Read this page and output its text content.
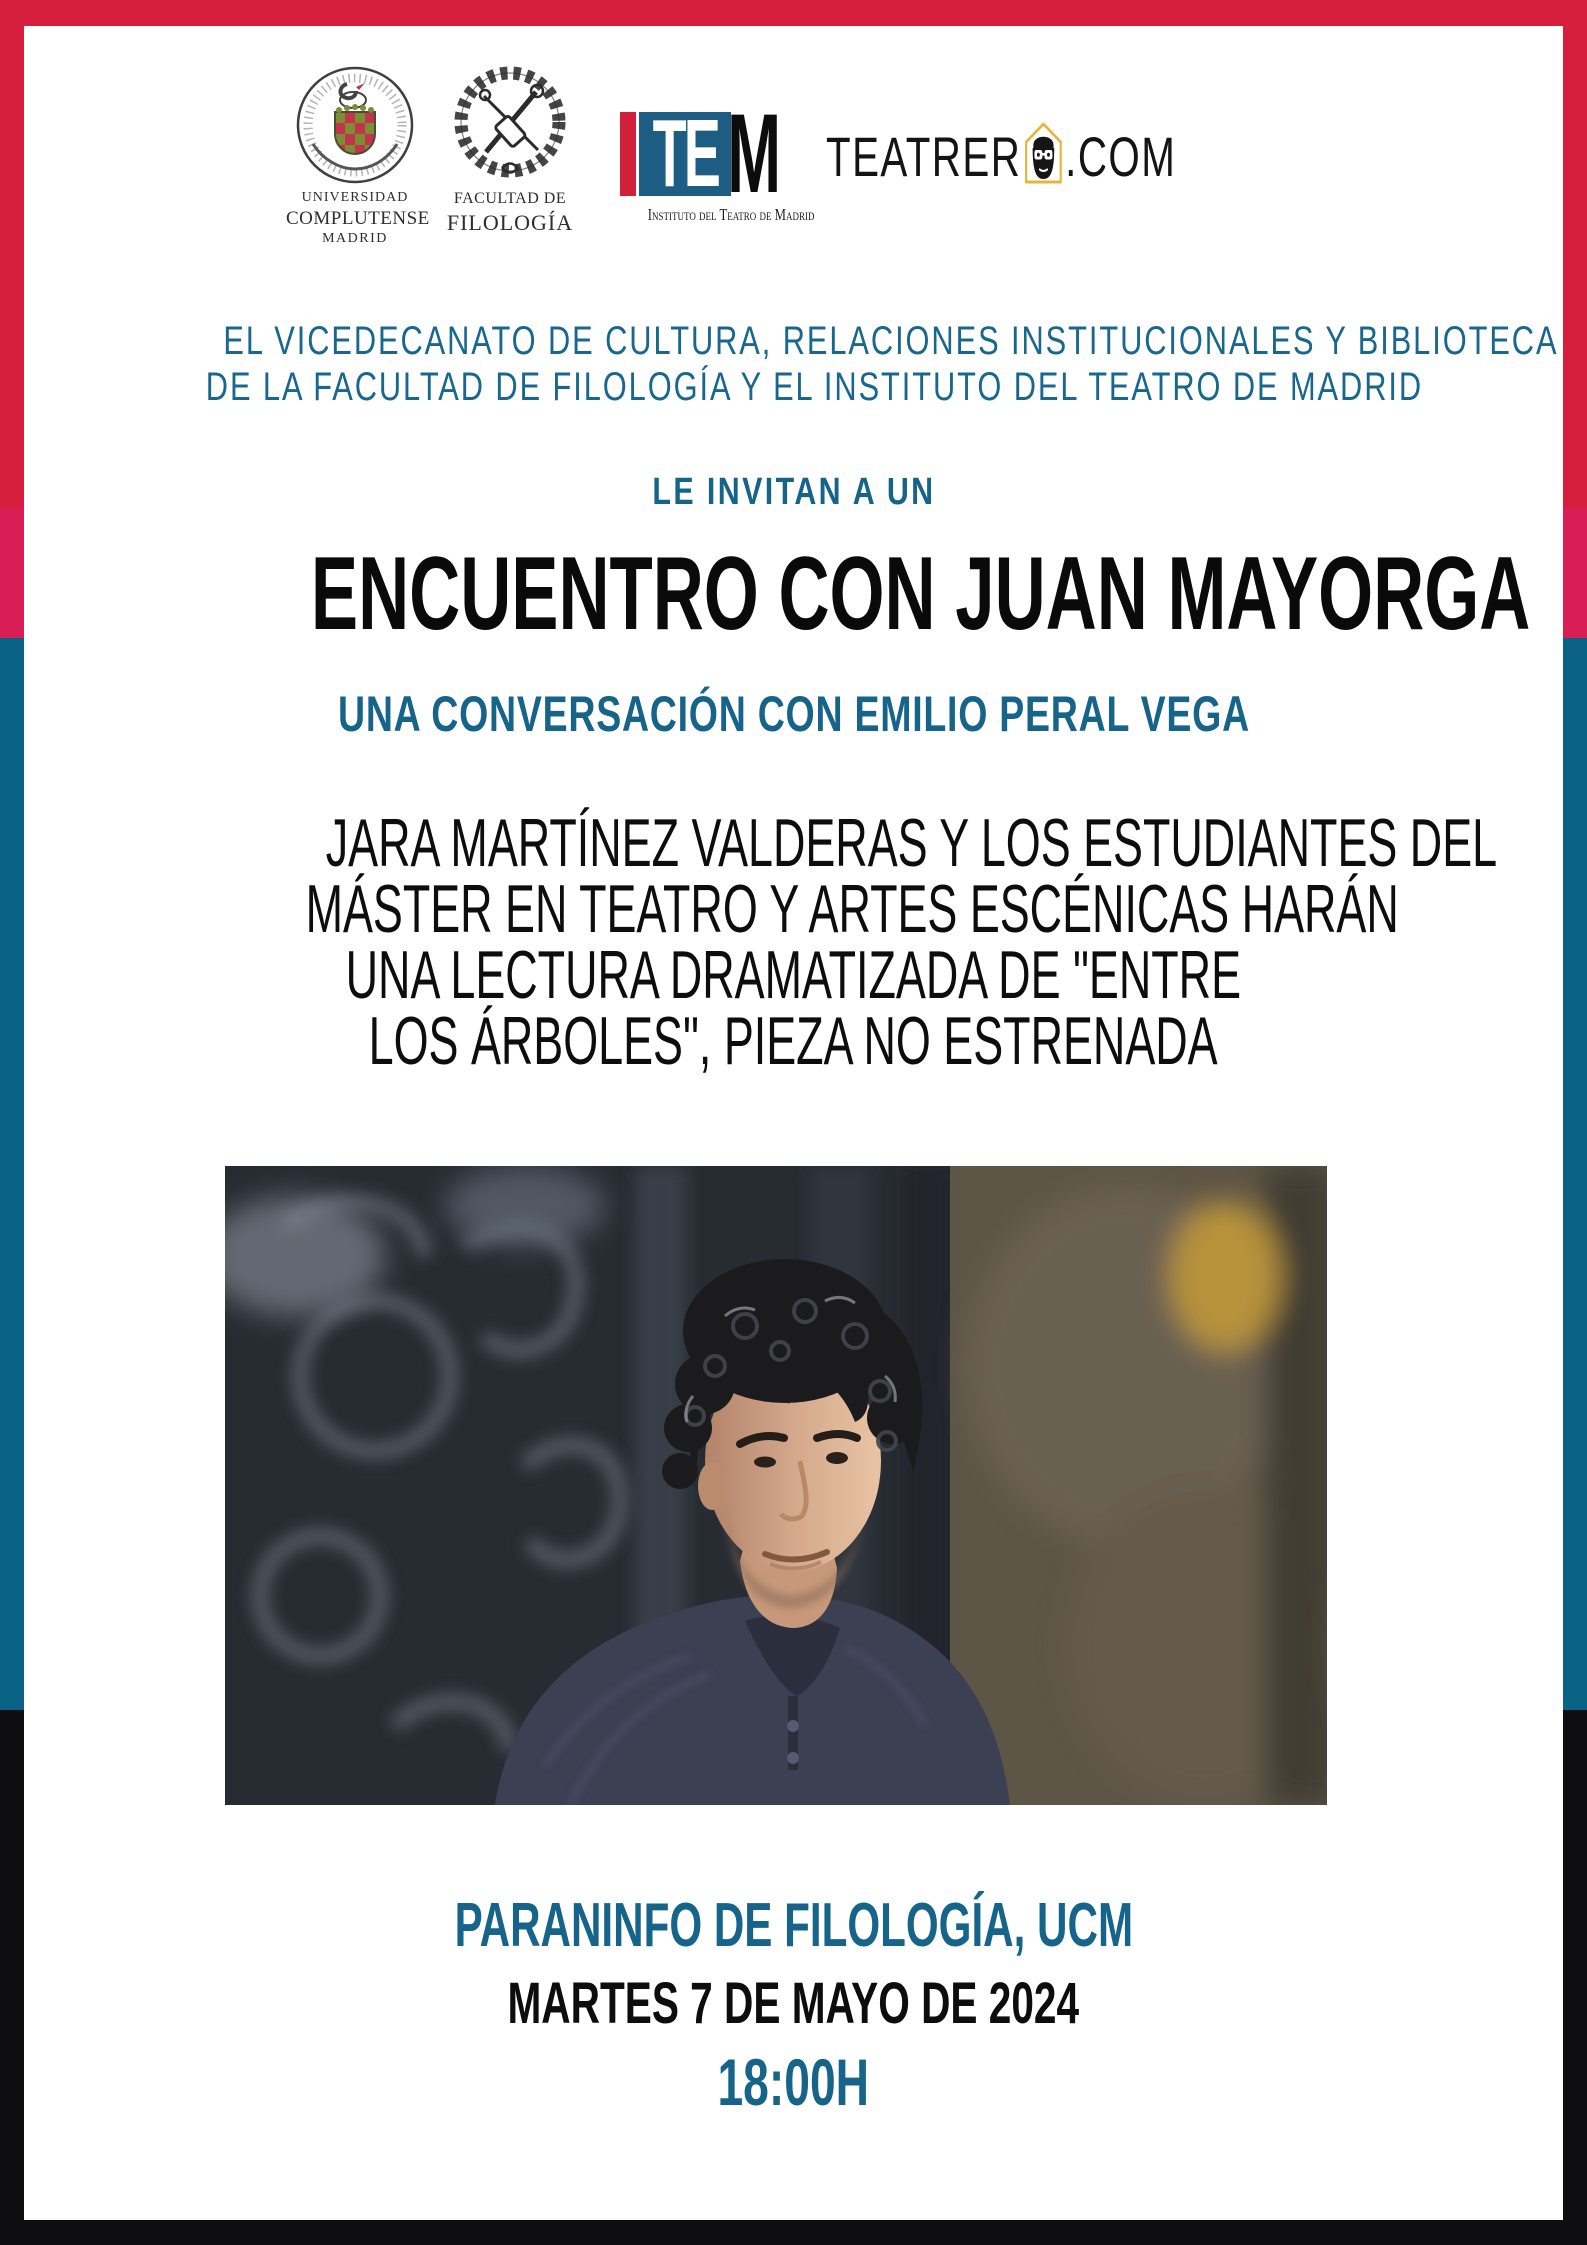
UNIVERSIDAD
COMPLUTENSE
MADRID
FACULTAD DE
FILOLOGÍA
TE M
Instituto del Teatro de Madrid
TEATRER .COM
EL VICEDECANATO DE CULTURA, RELACIONES INSTITUCIONALES Y BIBLIOTECA
DE LA FACULTAD DE FILOLOGÍA Y EL INSTITUTO DEL TEATRO DE MADRID
LE INVITAN A UN
ENCUENTRO CON JUAN MAYORGA
UNA CONVERSACIÓN CON EMILIO PERAL VEGA
JARA MARTÍNEZ VALDERAS Y LOS ESTUDIANTES DEL
MÁSTER EN TEATRO Y ARTES ESCÉNICAS HARÁN
UNA LECTURA DRAMATIZADA DE "ENTRE
LOS ÁRBOLES", PIEZA NO ESTRENADA
PARANINFO DE FILOLOGÍA, UCM
MARTES 7 DE MAYO DE 2024
18:00H
